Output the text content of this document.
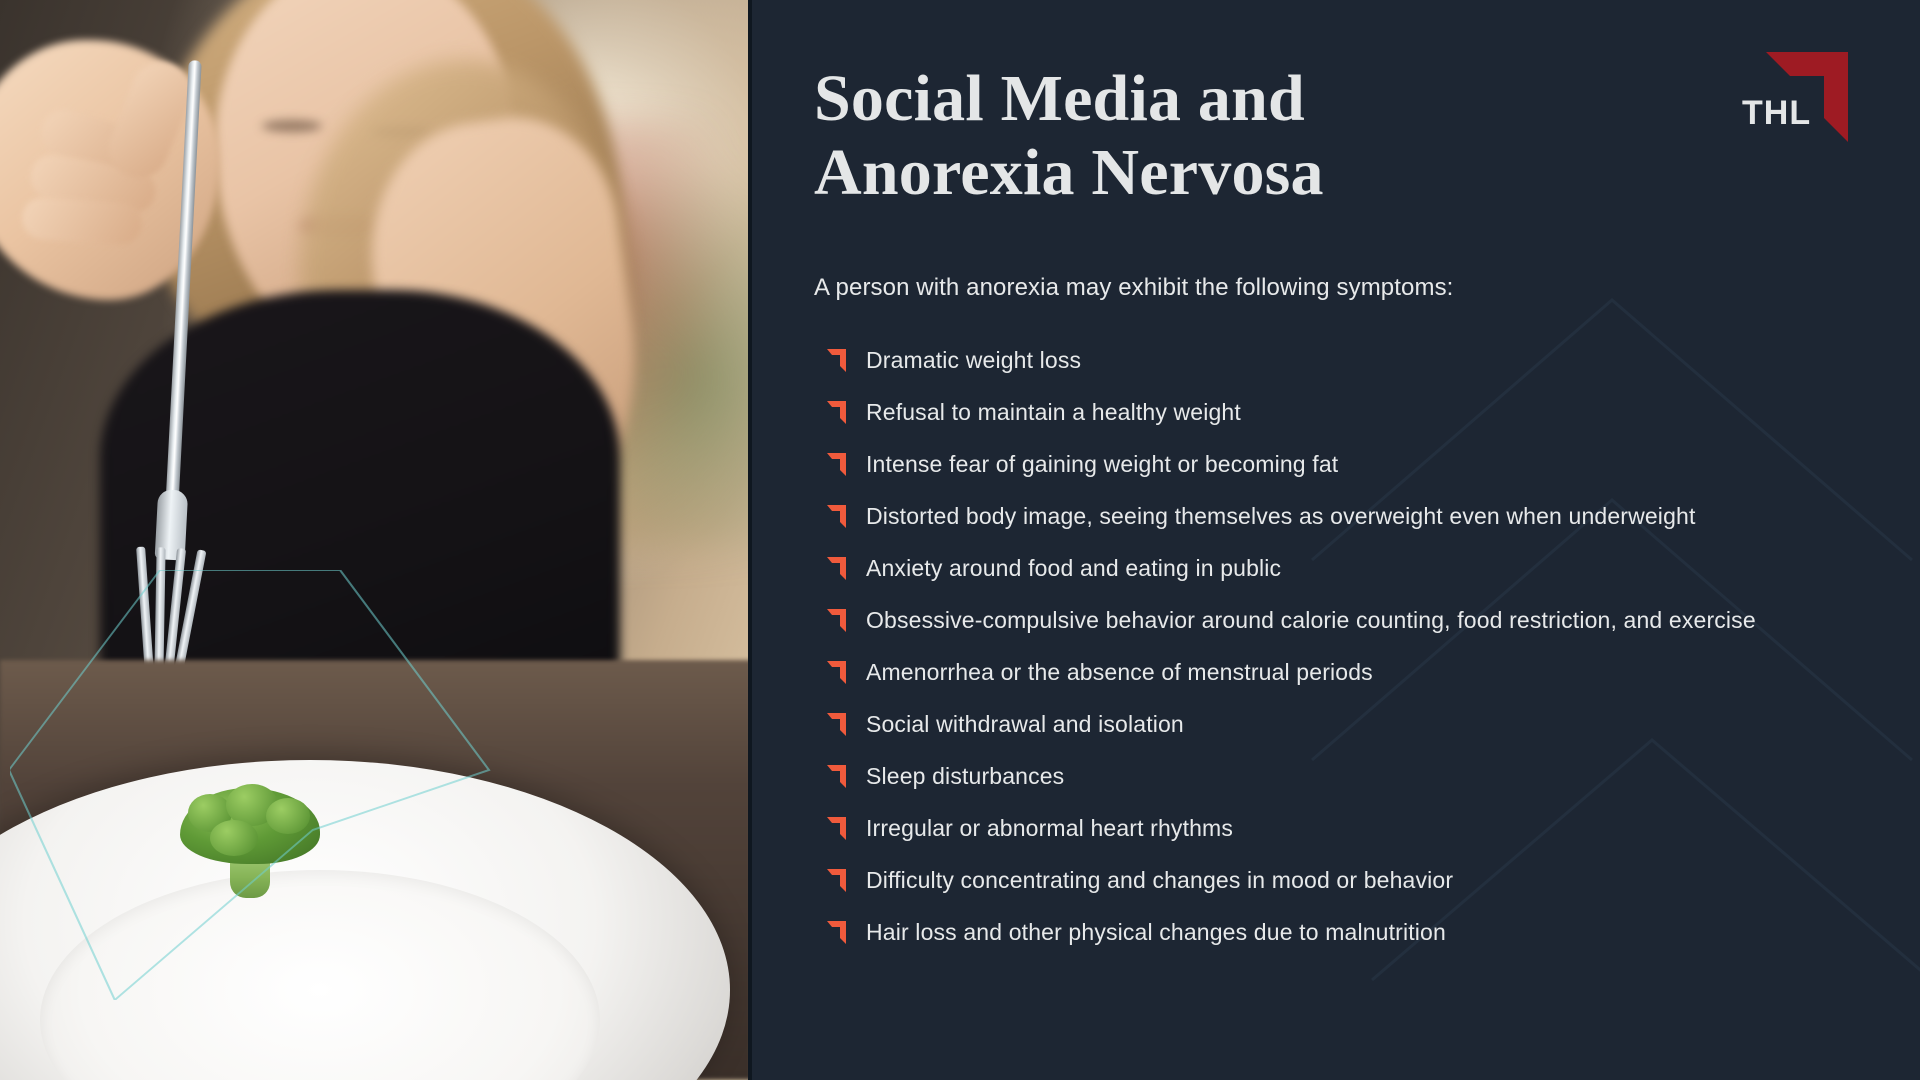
THL
Social Media and
Anorexia Nervosa

A person with anorexia may exhibit the following symptoms:

Dramatic weight loss
Refusal to maintain a healthy weight
Intense fear of gaining weight or becoming fat
Distorted body image, seeing themselves as overweight even when underweight
Anxiety around food and eating in public
Obsessive-compulsive behavior around calorie counting, food restriction, and exercise
Amenorrhea or the absence of menstrual periods
Social withdrawal and isolation
Sleep disturbances
Irregular or abnormal heart rhythms
Difficulty concentrating and changes in mood or behavior
Hair loss and other physical changes due to malnutrition
